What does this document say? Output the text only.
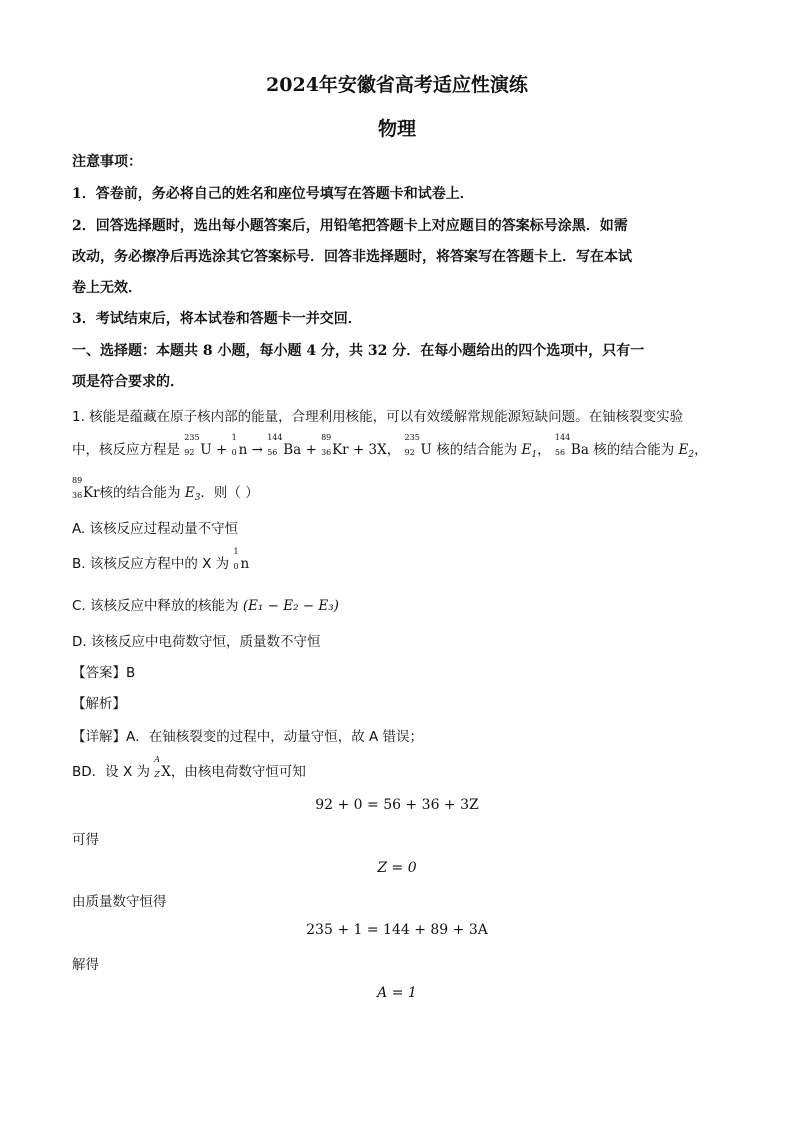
2024年安徽省高考适应性演练
物理
注意事项：
1．答卷前，务必将自己的姓名和座位号填写在答题卡和试卷上．
2．回答选择题时，选出每小题答案后，用铅笔把答题卡上对应题目的答案标号涂黑．如需
改动，务必擦净后再选涂其它答案标号．回答非选择题时，将答案写在答题卡上．写在本试
卷上无效．
3．考试结束后，将本试卷和答题卡一并交回．
一、选择题：本题共 8 小题，每小题 4 分，共 32 分．在每小题给出的四个选项中，只有一
项是符合要求的．
1. 核能是蕴藏在原子核内部的能量，合理利用核能，可以有效缓解常规能源短缺问题。在铀核裂变实验
中，核反应方程是
235
92 U +
1
0 n →
144
56 Ba +
89
36 Kr + 3X，
235
92 U 核的结合能为 $E_1$，
144
56 Ba 核的结合能为 $E_2$，
89
36 Kr核的结合能为 $E_3$．则（ ）
A. 该核反应过程动量不守恒
B. 该核反应方程中的 X 为
1
0 n
C. 该核反应中释放的核能为 (E₁ − E₂ − E₃)
D. 该核反应中电荷数守恒，质量数不守恒
【答案】B
【解析】
【详解】A．在铀核裂变的过程中，动量守恒，故 A 错误；
BD．设 X 为
A
Z X，由核电荷数守恒可知
92 + 0 = 56 + 36 + 3Z
可得
Z = 0
由质量数守恒得
235 + 1 = 144 + 89 + 3A
解得
A = 1
